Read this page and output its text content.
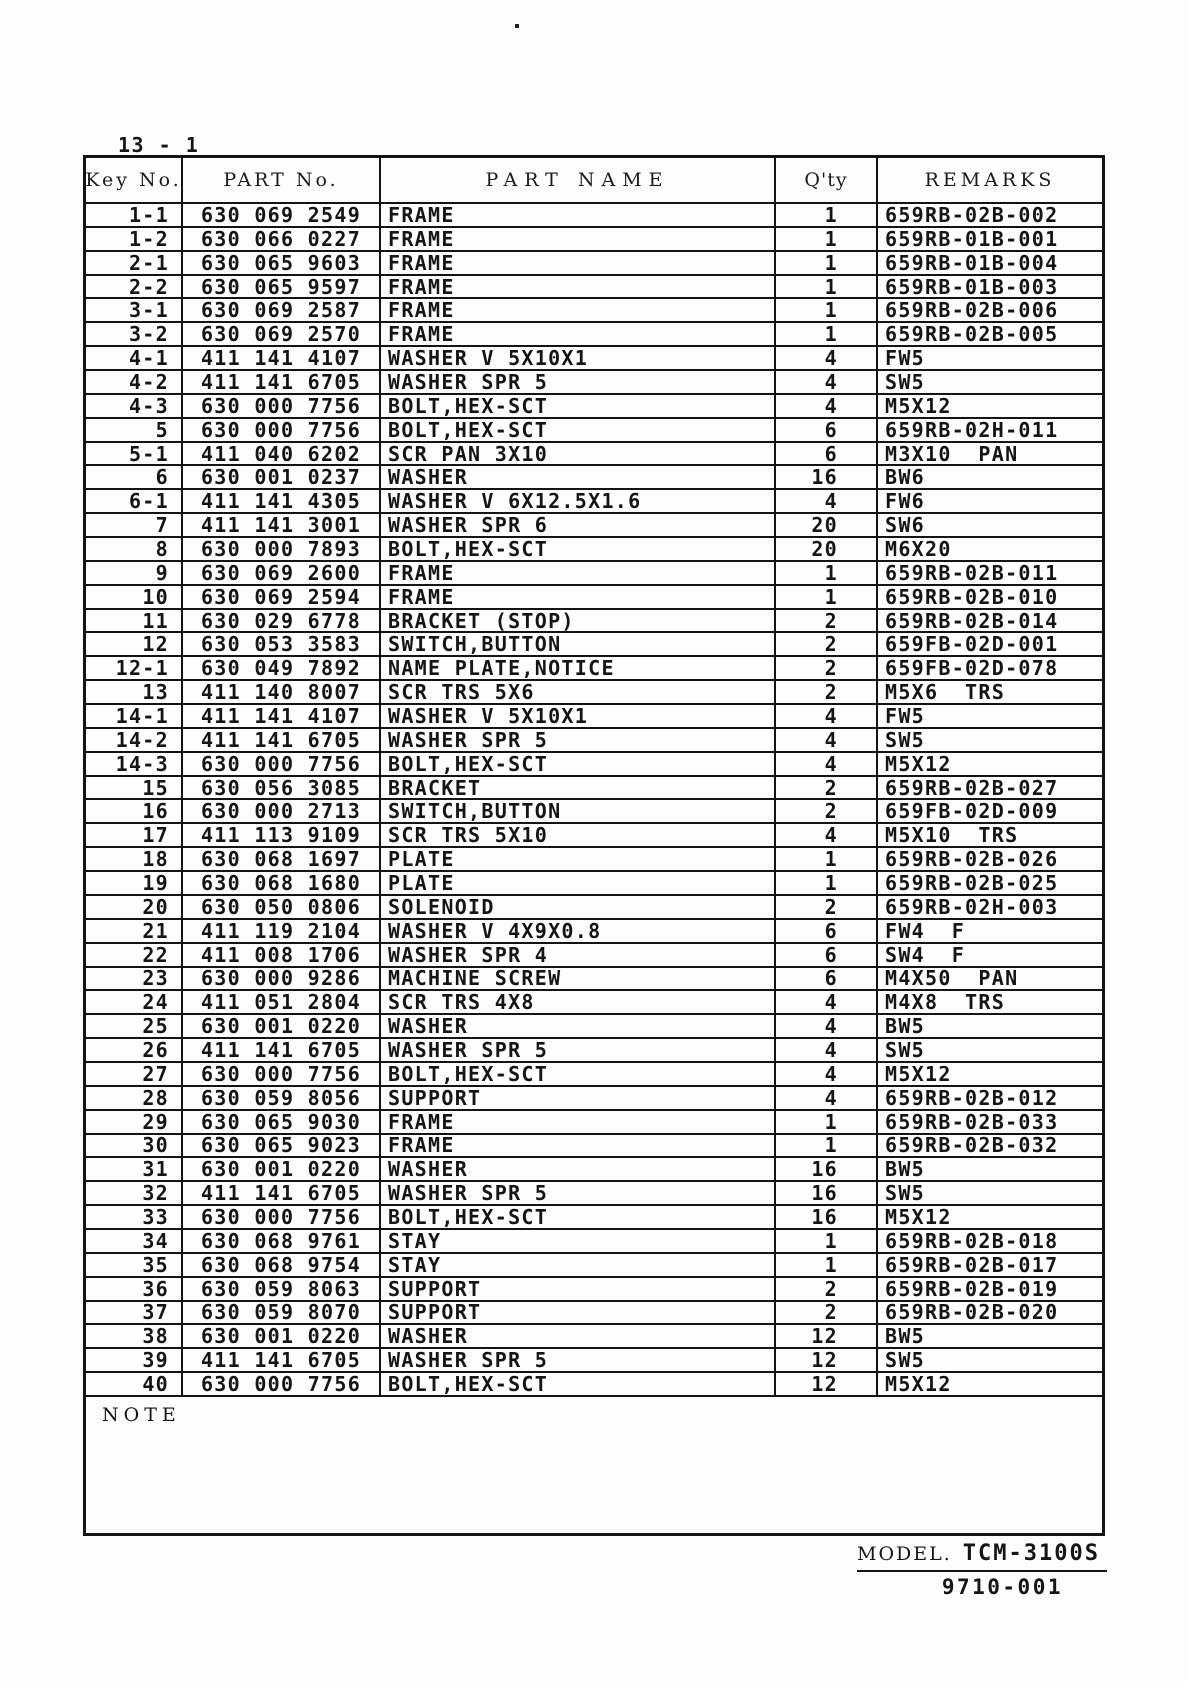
13 - 1
Key No.	PART No.	PART NAME	Q'ty	REMARKS
1-1	630 069 2549	FRAME	1	659RB-02B-002
1-2	630 066 0227	FRAME	1	659RB-01B-001
2-1	630 065 9603	FRAME	1	659RB-01B-004
2-2	630 065 9597	FRAME	1	659RB-01B-003
3-1	630 069 2587	FRAME	1	659RB-02B-006
3-2	630 069 2570	FRAME	1	659RB-02B-005
4-1	411 141 4107	WASHER V 5X10X1	4	FW5
4-2	411 141 6705	WASHER SPR 5	4	SW5
4-3	630 000 7756	BOLT,HEX-SCT	4	M5X12
5	630 000 7756	BOLT,HEX-SCT	6	659RB-02H-011
5-1	411 040 6202	SCR PAN 3X10	6	M3X10  PAN
6	630 001 0237	WASHER	16	BW6
6-1	411 141 4305	WASHER V 6X12.5X1.6	4	FW6
7	411 141 3001	WASHER SPR 6	20	SW6
8	630 000 7893	BOLT,HEX-SCT	20	M6X20
9	630 069 2600	FRAME	1	659RB-02B-011
10	630 069 2594	FRAME	1	659RB-02B-010
11	630 029 6778	BRACKET (STOP)	2	659RB-02B-014
12	630 053 3583	SWITCH,BUTTON	2	659FB-02D-001
12-1	630 049 7892	NAME PLATE,NOTICE	2	659FB-02D-078
13	411 140 8007	SCR TRS 5X6	2	M5X6  TRS
14-1	411 141 4107	WASHER V 5X10X1	4	FW5
14-2	411 141 6705	WASHER SPR 5	4	SW5
14-3	630 000 7756	BOLT,HEX-SCT	4	M5X12
15	630 056 3085	BRACKET	2	659RB-02B-027
16	630 000 2713	SWITCH,BUTTON	2	659FB-02D-009
17	411 113 9109	SCR TRS 5X10	4	M5X10  TRS
18	630 068 1697	PLATE	1	659RB-02B-026
19	630 068 1680	PLATE	1	659RB-02B-025
20	630 050 0806	SOLENOID	2	659RB-02H-003
21	411 119 2104	WASHER V 4X9X0.8	6	FW4  F
22	411 008 1706	WASHER SPR 4	6	SW4  F
23	630 000 9286	MACHINE SCREW	6	M4X50  PAN
24	411 051 2804	SCR TRS 4X8	4	M4X8  TRS
25	630 001 0220	WASHER	4	BW5
26	411 141 6705	WASHER SPR 5	4	SW5
27	630 000 7756	BOLT,HEX-SCT	4	M5X12
28	630 059 8056	SUPPORT	4	659RB-02B-012
29	630 065 9030	FRAME	1	659RB-02B-033
30	630 065 9023	FRAME	1	659RB-02B-032
31	630 001 0220	WASHER	16	BW5
32	411 141 6705	WASHER SPR 5	16	SW5
33	630 000 7756	BOLT,HEX-SCT	16	M5X12
34	630 068 9761	STAY	1	659RB-02B-018
35	630 068 9754	STAY	1	659RB-02B-017
36	630 059 8063	SUPPORT	2	659RB-02B-019
37	630 059 8070	SUPPORT	2	659RB-02B-020
38	630 001 0220	WASHER	12	BW5
39	411 141 6705	WASHER SPR 5	12	SW5
40	630 000 7756	BOLT,HEX-SCT	12	M5X12
NOTE
MODEL. TCM-3100S
9710-001
